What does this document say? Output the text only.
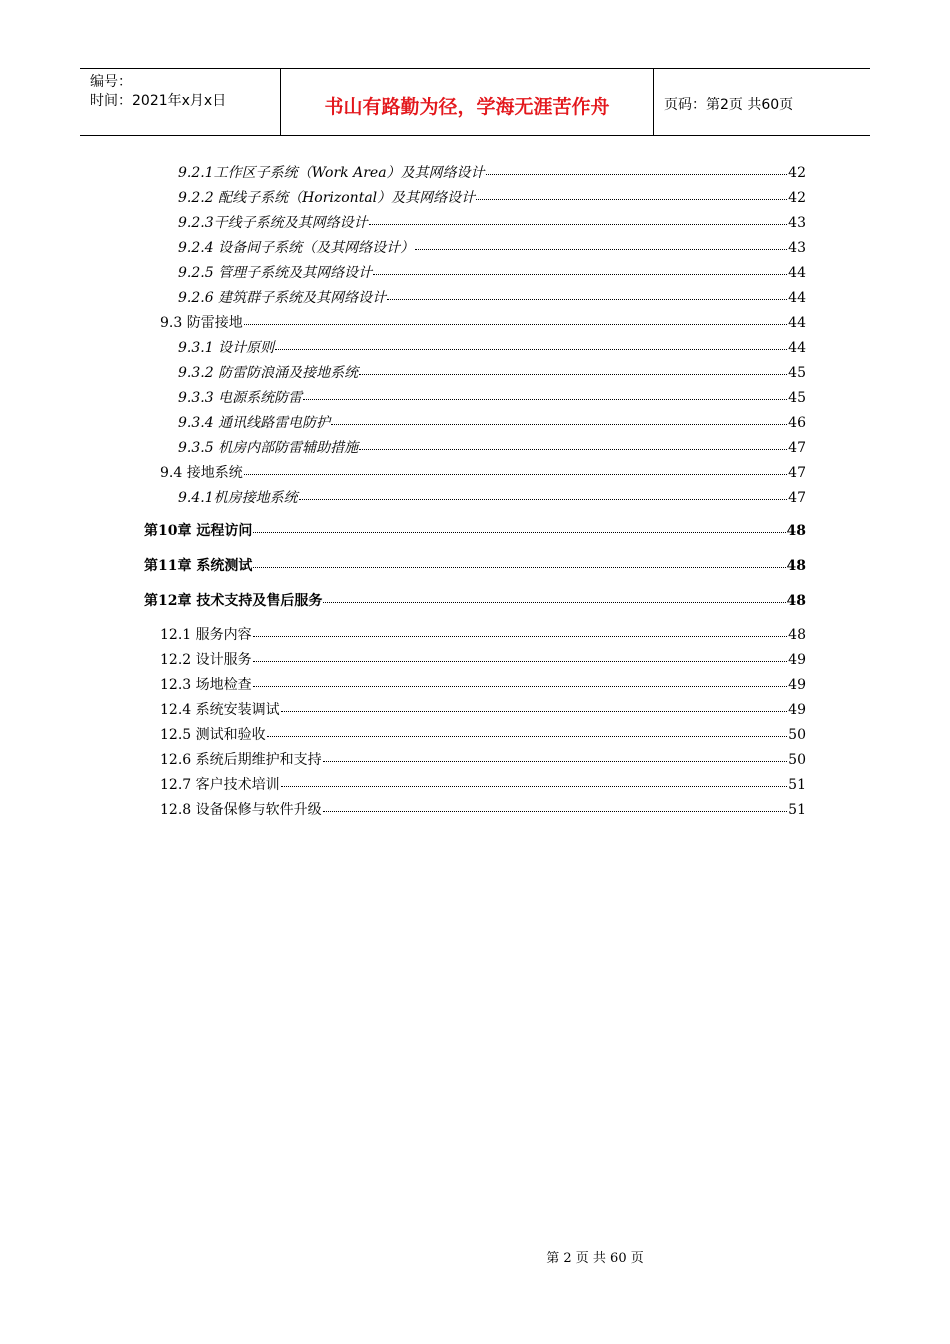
编号：
时间：2021年x月x日	书山有路勤为径，学海无涯苦作舟	页码：第2页 共60页
9.2.1工作区子系统（Work Area）及其网络设计	42
9.2.2 配线子系统（Horizontal）及其网络设计	42
9.2.3干线子系统及其网络设计	43
9.2.4 设备间子系统（及其网络设计）	43
9.2.5 管理子系统及其网络设计	44
9.2.6 建筑群子系统及其网络设计	44
9.3 防雷接地	44
9.3.1 设计原则	44
9.3.2 防雷防浪涌及接地系统	45
9.3.3 电源系统防雷	45
9.3.4 通讯线路雷电防护	46
9.3.5 机房内部防雷辅助措施	47
9.4 接地系统	47
9.4.1机房接地系统	47
第10章 远程访问	48
第11章 系统测试	48
第12章 技术支持及售后服务	48
12.1 服务内容	48
12.2 设计服务	49
12.3 场地检查	49
12.4 系统安装调试	49
12.5 测试和验收	50
12.6 系统后期维护和支持	50
12.7 客户技术培训	51
12.8 设备保修与软件升级	51
第 2 页 共 60 页
